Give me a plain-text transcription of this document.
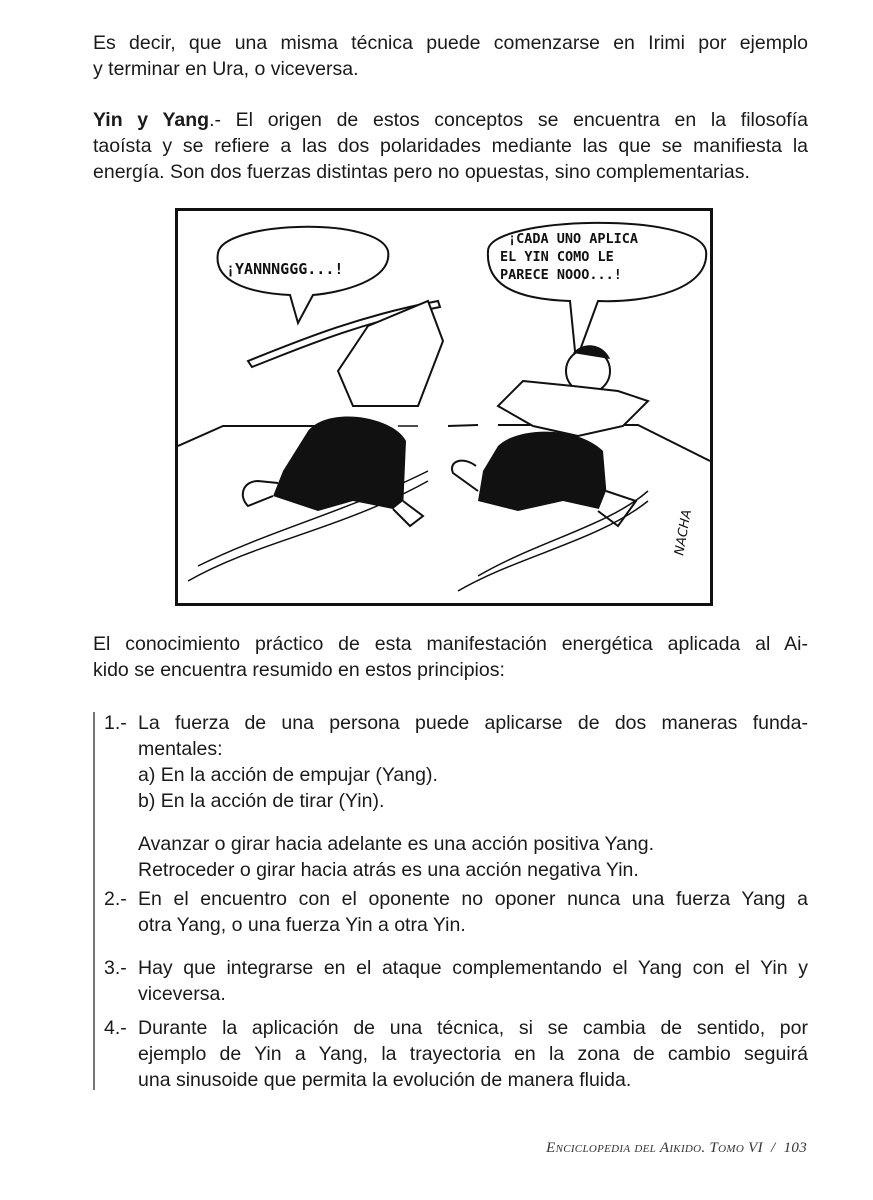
Es decir, que una misma técnica puede comenzarse en Irimi por ejemplo
y terminar en Ura, o viceversa.
Yin y Yang.- El origen de estos conceptos se encuentra en la filosofía
taoísta y se refiere a las dos polaridades mediante las que se manifiesta la
energía. Son dos fuerzas distintas pero no opuestas, sino complementarias.
¡YANNNGGG...!
¡CADA UNO APLICA
EL YIN COMO LE
PARECE NOOO...!
NACHA
El conocimiento práctico de esta manifestación energética aplicada al Ai-
kido se encuentra resumido en estos principios:
1.- La fuerza de una persona puede aplicarse de dos maneras funda-
mentales:
a) En la acción de empujar (Yang).
b) En la acción de tirar (Yin).
Avanzar o girar hacia adelante es una acción positiva Yang.
Retroceder o girar hacia atrás es una acción negativa Yin.
2.- En el encuentro con el oponente no oponer nunca una fuerza Yang a
otra Yang, o una fuerza Yin a otra Yin.
3.- Hay que integrarse en el ataque complementando el Yang con el Yin y
viceversa.
4.- Durante la aplicación de una técnica, si se cambia de sentido, por
ejemplo de Yin a Yang, la trayectoria en la zona de cambio seguirá
una sinusoide que permita la evolución de manera fluida.
Enciclopedia del Aikido. Tomo VI / 103
